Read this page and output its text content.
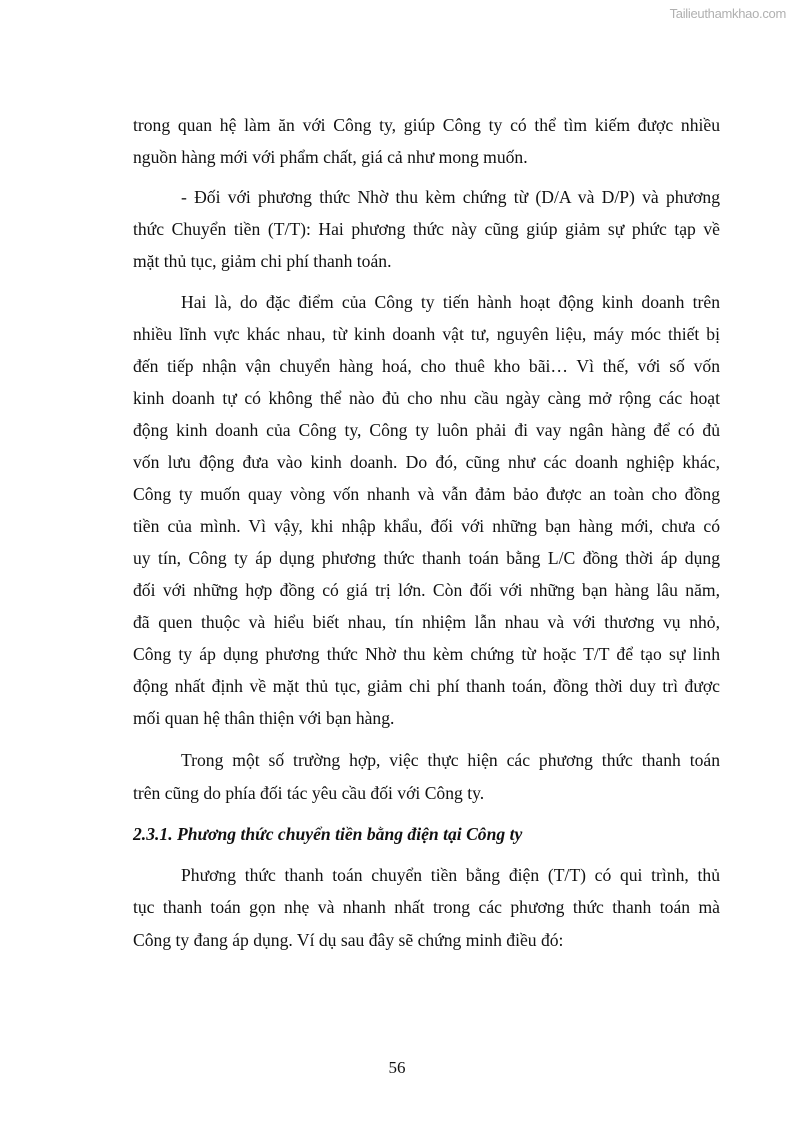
Tailieuthamkhao.com
trong quan hệ làm ăn với Công ty, giúp Công ty có thể tìm kiếm được nhiều
nguồn hàng mới với phẩm chất, giá cả như mong muốn.
- Đối với phương thức Nhờ thu kèm chứng từ (D/A và D/P) và phương
thức Chuyển tiền (T/T): Hai phương thức này cũng giúp giảm sự phức tạp về
mặt thủ tục, giảm chi phí thanh toán.
Hai là, do đặc điểm của Công ty tiến hành hoạt động kinh doanh trên
nhiều lĩnh vực khác nhau, từ kinh doanh vật tư, nguyên liệu, máy móc thiết bị
đến tiếp nhận vận chuyển hàng hoá, cho thuê kho bãi… Vì thế, với số vốn
kinh doanh tự có không thể nào đủ cho nhu cầu ngày càng mở rộng các hoạt
động kinh doanh của Công ty, Công ty luôn phải đi vay ngân hàng để có đủ
vốn lưu động đưa vào kinh doanh. Do đó, cũng như các doanh nghiệp khác,
Công ty muốn quay vòng vốn nhanh và vẫn đảm bảo được an toàn cho đồng
tiền của mình. Vì vậy, khi nhập khẩu, đối với những bạn hàng mới, chưa có
uy tín, Công ty áp dụng phương thức thanh toán bằng L/C đồng thời áp dụng
đối với những hợp đồng có giá trị lớn. Còn đối với những bạn hàng lâu năm,
đã quen thuộc và hiểu biết nhau, tín nhiệm lẫn nhau và với thương vụ nhỏ,
Công ty áp dụng phương thức Nhờ thu kèm chứng từ hoặc T/T để tạo sự linh
động nhất định về mặt thủ tục, giảm chi phí thanh toán, đồng thời duy trì được
mối quan hệ thân thiện với bạn hàng.
Trong một số trường hợp, việc thực hiện các phương thức thanh toán
trên cũng do phía đối tác yêu cầu đối với Công ty.
2.3.1. Phương thức chuyển tiền bằng điện tại Công ty
Phương thức thanh toán chuyển tiền bằng điện (T/T) có qui trình, thủ
tục thanh toán gọn nhẹ và nhanh nhất trong các phương thức thanh toán mà
Công ty đang áp dụng. Ví dụ sau đây sẽ chứng minh điều đó:
56
